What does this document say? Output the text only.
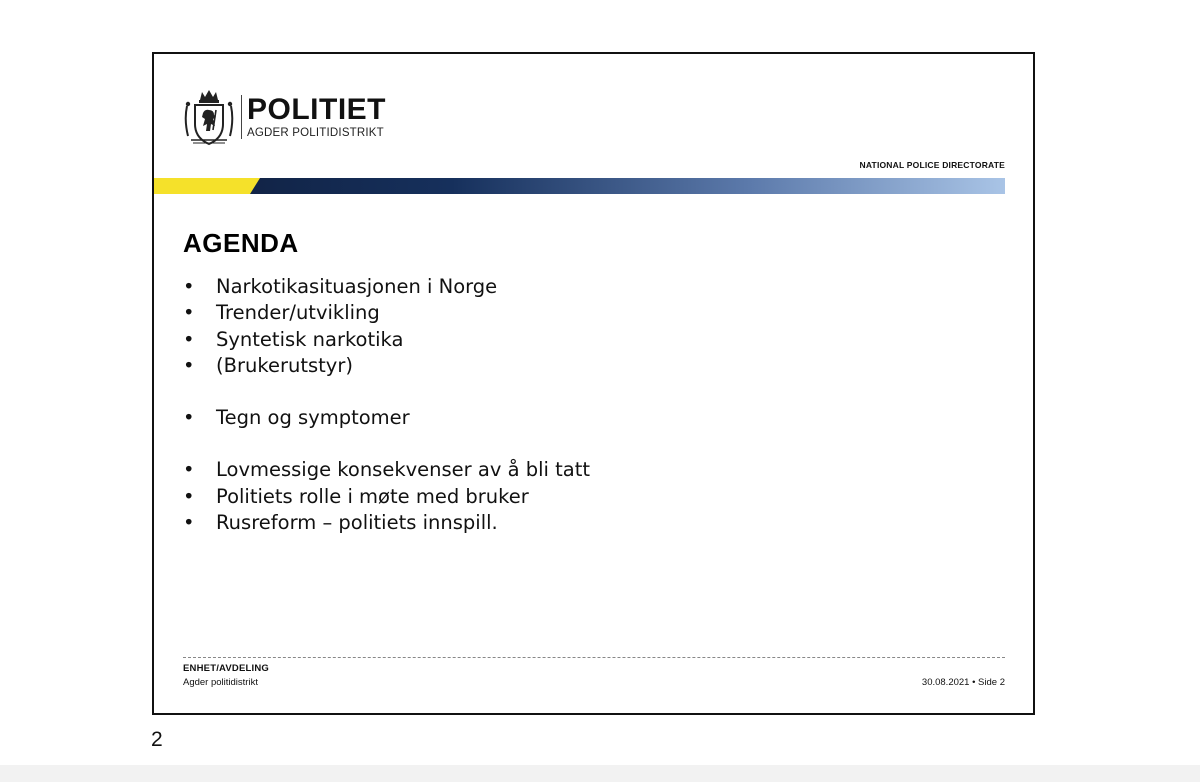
POLITIET
AGDER POLITIDISTRIKT
NATIONAL POLICE DIRECTORATE
AGENDA
•	Narkotikasituasjonen i Norge
•	Trender/utvikling
•	Syntetisk narkotika
•	(Brukerutstyr)
•	Tegn og symptomer
•	Lovmessige konsekvenser av å bli tatt
•	Politiets rolle i møte med bruker
•	Rusreform – politiets innspill.
ENHET/AVDELING
Agder politidistrikt	30.08.2021 • Side 2
2
